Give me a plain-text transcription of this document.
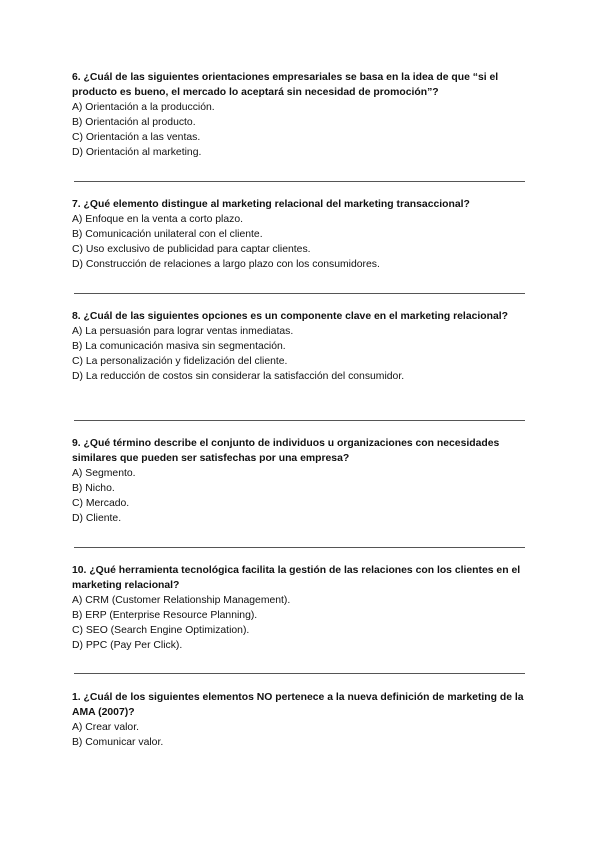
6. ¿Cuál de las siguientes orientaciones empresariales se basa en la idea de que “si el producto es bueno, el mercado lo aceptará sin necesidad de promoción”?

A) Orientación a la producción.
B) Orientación al producto.
C) Orientación a las ventas.
D) Orientación al marketing.

7. ¿Qué elemento distingue al marketing relacional del marketing transaccional?

A) Enfoque en la venta a corto plazo.
B) Comunicación unilateral con el cliente.
C) Uso exclusivo de publicidad para captar clientes.
D) Construcción de relaciones a largo plazo con los consumidores.

8. ¿Cuál de las siguientes opciones es un componente clave en el marketing relacional?

A) La persuasión para lograr ventas inmediatas.
B) La comunicación masiva sin segmentación.
C) La personalización y fidelización del cliente.
D) La reducción de costos sin considerar la satisfacción del consumidor.

9. ¿Qué término describe el conjunto de individuos u organizaciones con necesidades similares que pueden ser satisfechas por una empresa?

A) Segmento.
B) Nicho.
C) Mercado.
D) Cliente.

10. ¿Qué herramienta tecnológica facilita la gestión de las relaciones con los clientes en el marketing relacional?

A) CRM (Customer Relationship Management).
B) ERP (Enterprise Resource Planning).
C) SEO (Search Engine Optimization).
D) PPC (Pay Per Click).

1. ¿Cuál de los siguientes elementos NO pertenece a la nueva definición de marketing de la AMA (2007)?

A) Crear valor.
B) Comunicar valor.
